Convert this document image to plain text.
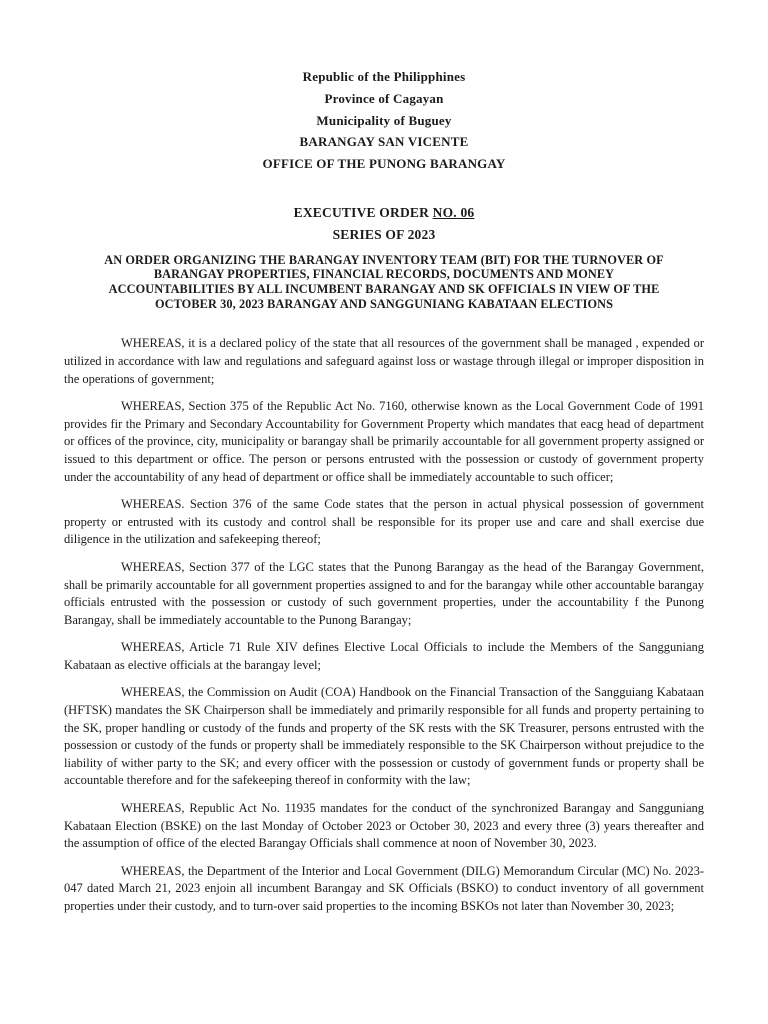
Republic of the Philipphines
Province of Cagayan
Municipality of Buguey
BARANGAY SAN VICENTE
OFFICE OF THE PUNONG BARANGAY
EXECUTIVE ORDER NO. 06
SERIES OF 2023
AN ORDER ORGANIZING THE BARANGAY INVENTORY TEAM (BIT) FOR THE TURNOVER OF BARANGAY PROPERTIES, FINANCIAL RECORDS, DOCUMENTS AND MONEY ACCOUNTABILITIES BY ALL INCUMBENT BARANGAY AND SK OFFICIALS IN VIEW OF THE OCTOBER 30, 2023 BARANGAY AND SANGGUNIANG KABATAAN ELECTIONS

WHEREAS, it is a declared policy of the state that all resources of the government shall be managed , expended or utilized in accordance with law and regulations and safeguard against loss or wastage through illegal or improper disposition in the operations of government;

WHEREAS, Section 375 of the Republic Act No. 7160, otherwise known as the Local Government Code of 1991 provides fir the Primary and Secondary Accountability for Government Property which mandates that eacg head of department or offices of the province, city, municipality or barangay shall be primarily accountable for all government property assigned or issued to this department or office. The person or persons entrusted with the possession or custody of government property under the accountability of any head of department or office shall be immediately accountable to such officer;

WHEREAS. Section 376 of the same Code states that the person in actual physical possession of government property or entrusted with its custody and control shall be responsible for its proper use and care and shall exercise due diligence in the utilization and safekeeping thereof;

WHEREAS, Section 377 of the LGC states that the Punong Barangay as the head of the Barangay Government, shall be primarily accountable for all government properties assigned to and for the barangay while other accountable barangay officials entrusted with the possession or custody of such government properties, under the accountability f the Punong Barangay, shall be immediately accountable to the Punong Barangay;

WHEREAS, Article 71 Rule XIV defines Elective Local Officials to include the Members of the Sangguniang Kabataan as elective officials at the barangay level;

WHEREAS, the Commission on Audit (COA) Handbook on the Financial Transaction of the Sangguiang Kabataan (HFTSK) mandates the SK Chairperson shall be immediately and primarily responsible for all funds and property pertaining to the SK, proper handling or custody of the funds and property of the SK rests with the SK Treasurer, persons entrusted with the possession or custody of the funds or property shall be immediately responsible to the SK Chairperson without prejudice to the liability of wither party to the SK; and every officer with the possession or custody of government funds or property shall be accountable therefore and for the safekeeping thereof in conformity with the law;

WHEREAS, Republic Act No. 11935 mandates for the conduct of the synchronized Barangay and Sangguniang Kabataan Election (BSKE) on the last Monday of October 2023 or October 30, 2023 and every three (3) years thereafter and the assumption of office of the elected Barangay Officials shall commence at noon of November 30, 2023.

WHEREAS, the Department of the Interior and Local Government (DILG) Memorandum Circular (MC) No. 2023-047 dated March 21, 2023 enjoin all incumbent Barangay and SK Officials (BSKO) to conduct inventory of all government properties under their custody, and to turn-over said properties to the incoming BSKOs not later than November 30, 2023;
